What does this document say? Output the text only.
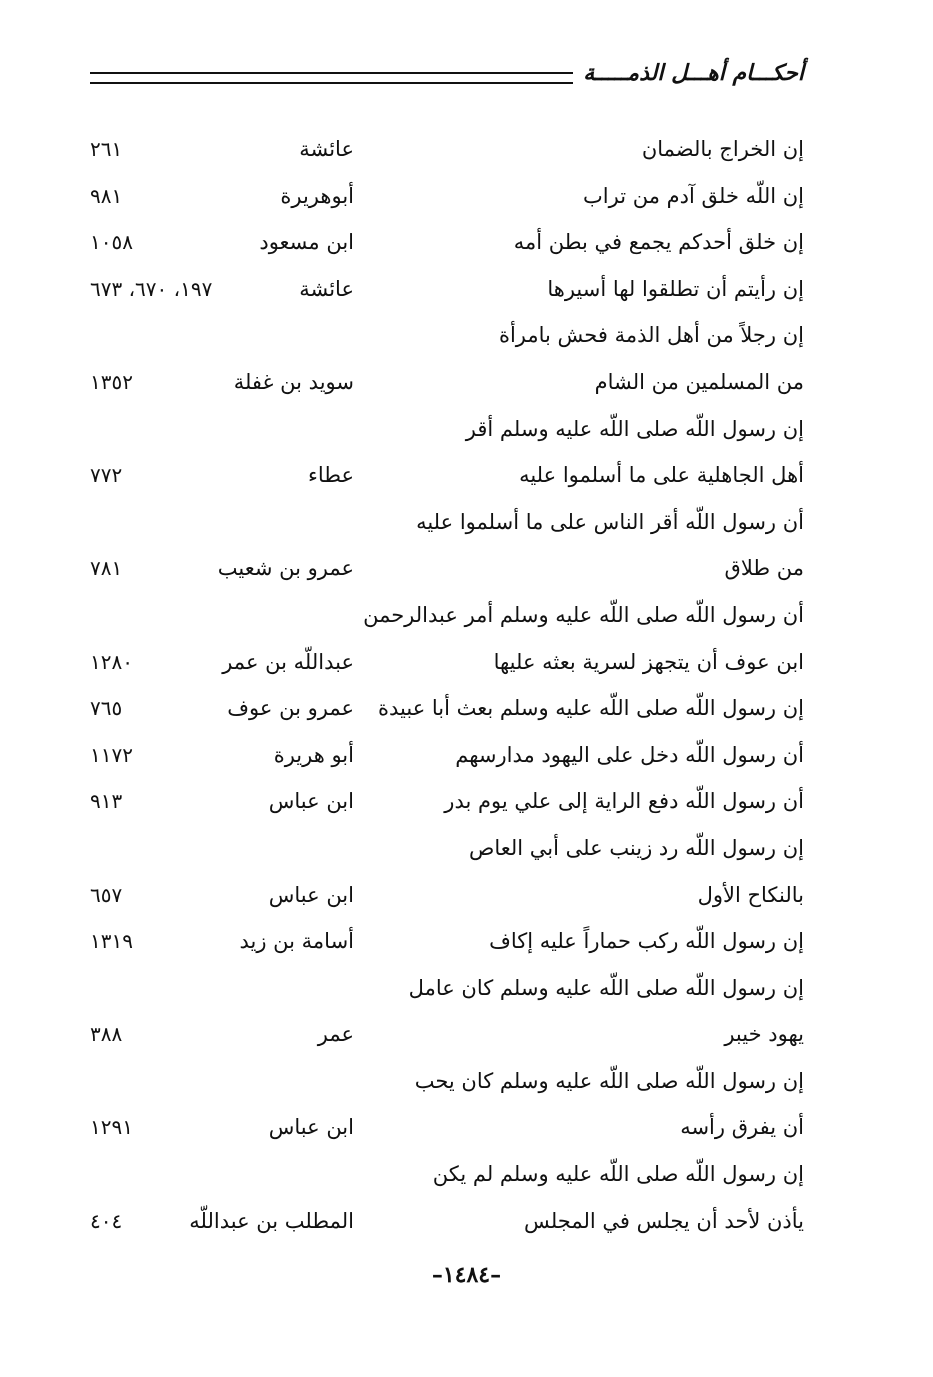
أحكـــام أهـــل الذمـــــة
إن الخراج بالضمان
عائشة
٢٦١
إن اللّه خلق آدم من تراب
أبوهريرة
٩٨١
إن خلق أحدكم يجمع في بطن أمه
ابن مسعود
١٠٥٨
إن رأيتم أن تطلقوا لها أسيرها
عائشة
١٩٧، ٦٧٠، ٦٧٣
إن رجلاً من أهل الذمة فحش بامرأة
من المسلمين من الشام
سويد بن غفلة
١٣٥٢
إن رسول اللّه صلى اللّه عليه وسلم أقر
أهل الجاهلية على ما أسلموا عليه
عطاء
٧٧٢
أن رسول اللّه أقر الناس على ما أسلموا عليه
من طلاق
عمرو بن شعيب
٧٨١
أن رسول اللّه صلى اللّه عليه وسلم أمر عبدالرحمن
ابن عوف أن يتجهز لسرية بعثه عليها
عبداللّه بن عمر
١٢٨٠
إن رسول اللّه صلى اللّه عليه وسلم بعث أبا عبيدة
عمرو بن عوف
٧٦٥
أن رسول اللّه دخل على اليهود مدارسهم
أبو هريرة
١١٧٢
أن رسول اللّه دفع الراية إلى علي يوم بدر
ابن عباس
٩١٣
إن رسول اللّه رد زينب على أبي العاص
بالنكاح الأول
ابن عباس
٦٥٧
إن رسول اللّه ركب حماراً عليه إكاف
أسامة بن زيد
١٣١٩
إن رسول اللّه صلى اللّه عليه وسلم كان عامل
يهود خيبر
عمر
٣٨٨
إن رسول اللّه صلى اللّه عليه وسلم كان يحب
أن يفرق رأسه
ابن عباس
١٢٩١
إن رسول اللّه صلى اللّه عليه وسلم لم يكن
يأذن لأحد أن يجلس في المجلس
المطلب بن عبداللّه
٤٠٤
–١٤٨٤–
